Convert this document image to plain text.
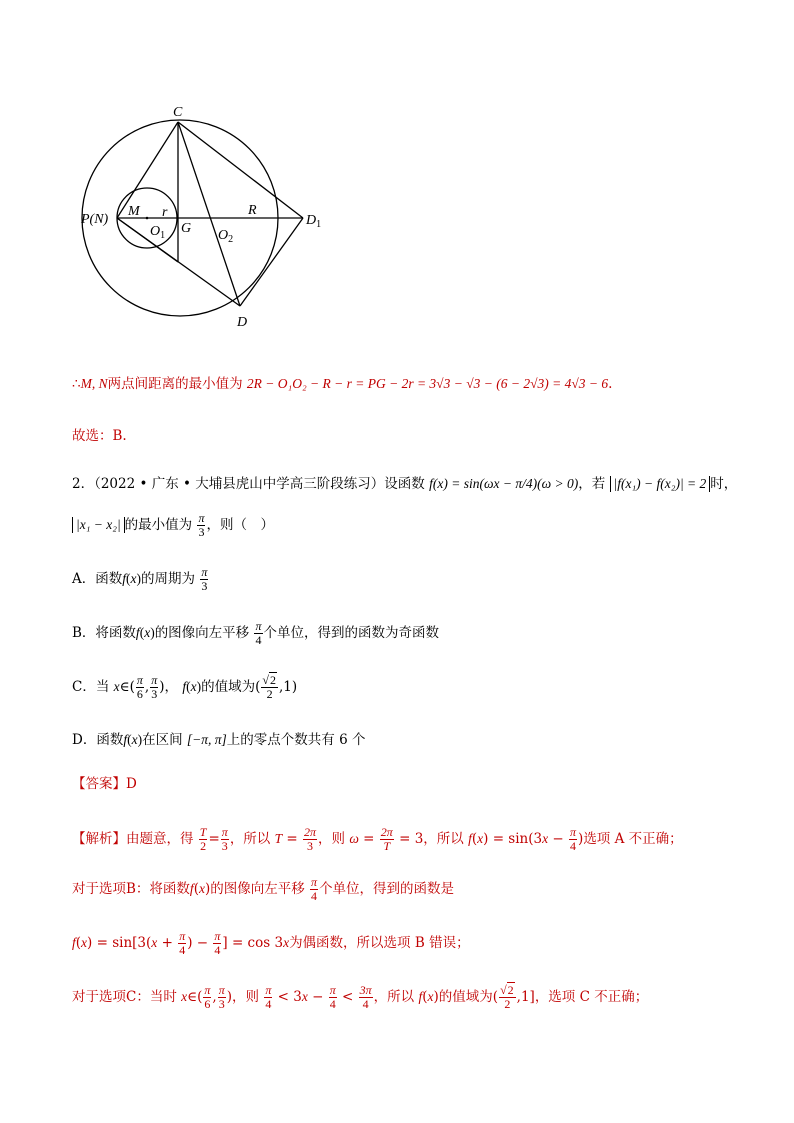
C
P(N)
M r	R
$D_1$
$O_1$ G $O_2$
D
∴M, N两点间距离的最小值为 2R − O₁O₂ − R − r = PG − 2r = 3√3 − √3 − (6 − 2√3) = 4√3 − 6.
故选：B.
2．（2022 • 广东 • 大埔县虎山中学高三阶段练习）设函数 f(x) = sin(ωx − π/4)(ω > 0)，若 |f(x₁) − f(x₂)| = 2 时，
|x₁ − x₂| 的最小值为 $\frac{\pi}{3}$ ，则（　）
A．函数f(x)的周期为 $\frac{\pi}{3}$
B．将函数f(x)的图像向左平移 $\frac{\pi}{4}$ 个单位，得到的函数为奇函数
C．当 x∈( $\frac{\pi}{6}$ , $\frac{\pi}{3}$ )， f(x)的值域为( $\frac{√2}{2} ,1$)
D．函数f(x)在区间 [−π, π]上的零点个数共有 6 个
【答案】D
【解析】由题意，得 $\frac{T}{2} = \frac{\pi}{3}$ ，所以 $T = \frac{2\pi}{3}$ ，则 $\omega = \frac{2\pi}{T} = 3$，所以 $f(x) = \sin(3x - \frac{\pi}{4}$ )选项 A 不正确；
对于选项B：将函数f(x)的图像向左平移 $\frac{\pi}{4}$ 个单位，得到的函数是
$f(x) = \sin[3(x + \frac{\pi}{4}$ ) − $\frac{\pi}{4}$ ] = cos 3x为偶函数，所以选项 B 错误；
对于选项C：当时 x∈( $\frac{\pi}{6}$ , $\frac{\pi}{3}$ )，则 $\frac{\pi}{4} < 3x - \frac{\pi}{4} < \frac{3\pi}{4}$ ，所以 f(x)的值域为( $\frac{√2}{2} ,1$]，选项 C 不正确；
